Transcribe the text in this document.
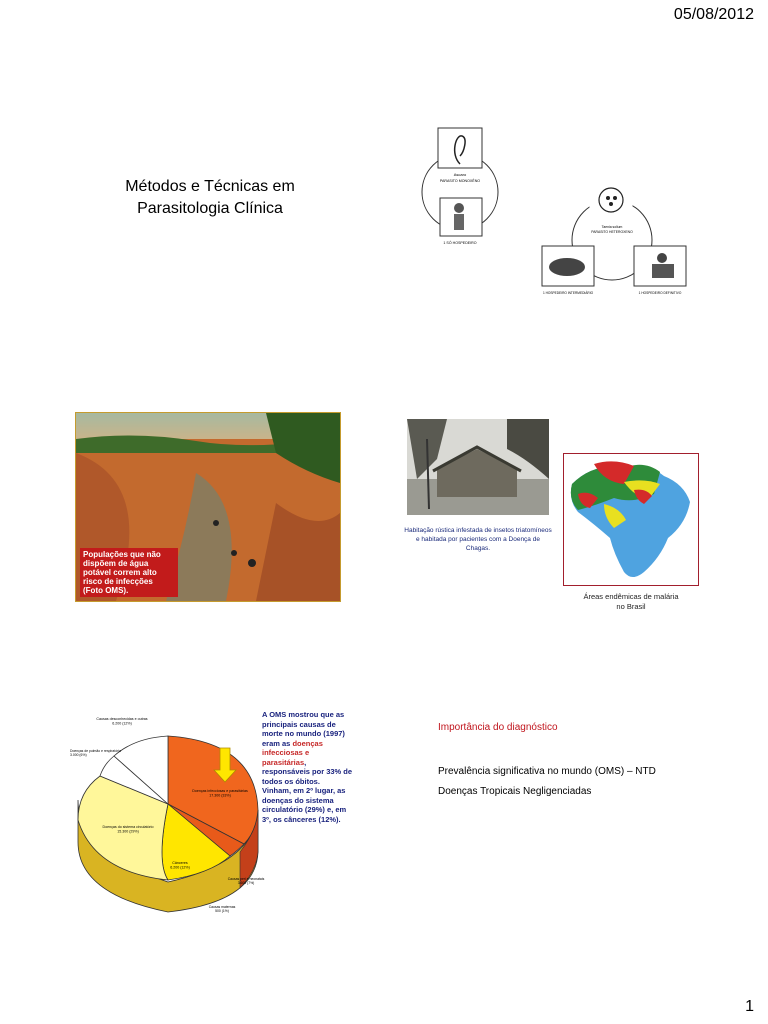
05/08/2012
Métodos e Técnicas em
Parasitologia Clínica
Ascaro
PARASITO MONOXÊNO
1 SÓ HOSPEDEIRO
Taenia solium
PARASITO HETEROXENO
1 HOSPEDEIRO INTERMEDIÁRIO	1 HOSPEDEIRO DEFINITIVO
Populações que não dispõem de água potável correm alto risco de infecções (Foto OMS).
Habitação rústica infestada de insetos triatomíneos e habitada por pacientes com a Doença de Chagas.
Áreas endêmicas de malária
no Brasil
Causas desconhecidas e outras 6.200 (12%)
Doenças de pulmão e respiratória 3.000 (6%)
Doenças do sistema circulatório 15.300 (29%)
Doenças infecciosas e parasitárias 17.300 (33%)
Cânceres 6.200 (12%)
Causas peri e neonatais 3.600 (7%)
Causas maternas 500 (1%)
A OMS mostrou que as principais causas de morte no mundo (1997) eram as doenças infecciosas e parasitárias, responsáveis por 33% de todos os óbitos.
Vinham, em 2º lugar, as doenças do sistema circulatório (29%) e, em 3º, os cânceres (12%).
Importância do diagnóstico
Prevalência significativa no mundo (OMS) – NTD
Doenças Tropicais Negligenciadas
1
